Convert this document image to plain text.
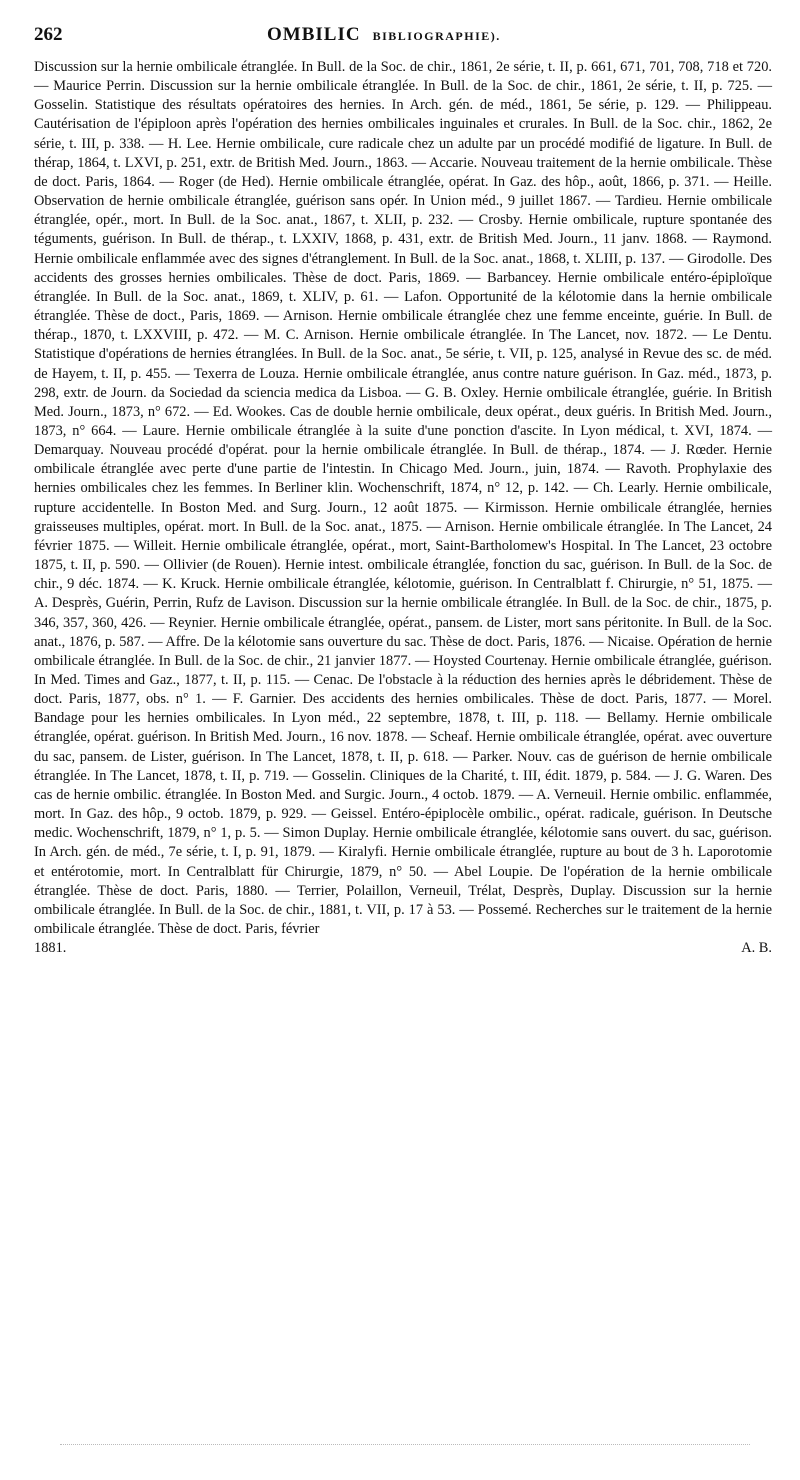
262	OMBILIC BIBLIOGRAPHIE).

Discussion sur la hernie ombilicale étranglée. In Bull. de la Soc. de chir., 1861, 2e série, t. II, p. 661, 671, 701, 708, 718 et 720. — Maurice Perrin. Discussion sur la hernie ombilicale étranglée. In Bull. de la Soc. de chir., 1861, 2e série, t. II, p. 725. — Gosselin. Statistique des résultats opératoires des hernies. In Arch. gén. de méd., 1861, 5e série, p. 129. — Philippeau. Cautérisation de l'épiploon après l'opération des hernies ombilicales inguinales et crurales. In Bull. de la Soc. chir., 1862, 2e série, t. III, p. 338. — H. Lee. Hernie ombilicale, cure radicale chez un adulte par un procédé modifié de ligature. In Bull. de thérap, 1864, t. LXVI, p. 251, extr. de British Med. Journ., 1863. — Accarie. Nouveau traitement de la hernie ombilicale. Thèse de doct. Paris, 1864. — Roger (de Hed). Hernie ombilicale étranglée, opérat. In Gaz. des hôp., août, 1866, p. 371. — Heille. Observation de hernie ombilicale étranglée, guérison sans opér. In Union méd., 9 juillet 1867. — Tardieu. Hernie ombilicale étranglée, opér., mort. In Bull. de la Soc. anat., 1867, t. XLII, p. 232. — Crosby. Hernie ombilicale, rupture spontanée des téguments, guérison. In Bull. de thérap., t. LXXIV, 1868, p. 431, extr. de British Med. Journ., 11 janv. 1868. — Raymond. Hernie ombilicale enflammée avec des signes d'étranglement. In Bull. de la Soc. anat., 1868, t. XLIII, p. 137. — Girodolle. Des accidents des grosses hernies ombilicales. Thèse de doct. Paris, 1869. — Barbancey. Hernie ombilicale entéro-épiploïque étranglée. In Bull. de la Soc. anat., 1869, t. XLIV, p. 61. — Lafon. Opportunité de la kélotomie dans la hernie ombilicale étranglée. Thèse de doct., Paris, 1869. — Arnison. Hernie ombilicale étranglée chez une femme enceinte, guérie. In Bull. de thérap., 1870, t. LXXVIII, p. 472. — M. C. Arnison. Hernie ombilicale étranglée. In The Lancet, nov. 1872. — Le Dentu. Statistique d'opérations de hernies étranglées. In Bull. de la Soc. anat., 5e série, t. VII, p. 125, analysé in Revue des sc. de méd. de Hayem, t. II, p. 455. — Texerra de Louza. Hernie ombilicale étranglée, anus contre nature guérison. In Gaz. méd., 1873, p. 298, extr. de Journ. da Sociedad da sciencia medica da Lisboa. — G. B. Oxley. Hernie ombilicale étranglée, guérie. In British Med. Journ., 1873, n° 672. — Ed. Wookes. Cas de double hernie ombilicale, deux opérat., deux guéris. In British Med. Journ., 1873, n° 664. — Laure. Hernie ombilicale étranglée à la suite d'une ponction d'ascite. In Lyon médical, t. XVI, 1874. — Demarquay. Nouveau procédé d'opérat. pour la hernie ombilicale étranglée. In Bull. de thérap., 1874. — J. Rœder. Hernie ombilicale étranglée avec perte d'une partie de l'intestin. In Chicago Med. Journ., juin, 1874. — Ravoth. Prophylaxie des hernies ombilicales chez les femmes. In Berliner klin. Wochenschrift, 1874, n° 12, p. 142. — Ch. Learly. Hernie ombilicale, rupture accidentelle. In Boston Med. and Surg. Journ., 12 août 1875. — Kirmisson. Hernie ombilicale étranglée, hernies graisseuses multiples, opérat. mort. In Bull. de la Soc. anat., 1875. — Arnison. Hernie ombilicale étranglée. In The Lancet, 24 février 1875. — Willeit. Hernie ombilicale étranglée, opérat., mort, Saint-Bartholomew's Hospital. In The Lancet, 23 octobre 1875, t. II, p. 590. — Ollivier (de Rouen). Hernie intest. ombilicale étranglée, fonction du sac, guérison. In Bull. de la Soc. de chir., 9 déc. 1874. — K. Kruck. Hernie ombilicale étranglée, kélotomie, guérison. In Centralblatt f. Chirurgie, n° 51, 1875. — A. Desprès, Guérin, Perrin, Rufz de Lavison. Discussion sur la hernie ombilicale étranglée. In Bull. de la Soc. de chir., 1875, p. 346, 357, 360, 426. — Reynier. Hernie ombilicale étranglée, opérat., pansem. de Lister, mort sans péritonite. In Bull. de la Soc. anat., 1876, p. 587. — Affre. De la kélotomie sans ouverture du sac. Thèse de doct. Paris, 1876. — Nicaise. Opération de hernie ombilicale étranglée. In Bull. de la Soc. de chir., 21 janvier 1877. — Hoysted Courtenay. Hernie ombilicale étranglée, guérison. In Med. Times and Gaz., 1877, t. II, p. 115. — Cenac. De l'obstacle à la réduction des hernies après le débridement. Thèse de doct. Paris, 1877, obs. n° 1. — F. Garnier. Des accidents des hernies ombilicales. Thèse de doct. Paris, 1877. — Morel. Bandage pour les hernies ombilicales. In Lyon méd., 22 septembre, 1878, t. III, p. 118. — Bellamy. Hernie ombilicale étranglée, opérat. guérison. In British Med. Journ., 16 nov. 1878. — Scheaf. Hernie ombilicale étranglée, opérat. avec ouverture du sac, pansem. de Lister, guérison. In The Lancet, 1878, t. II, p. 618. — Parker. Nouv. cas de guérison de hernie ombilicale étranglée. In The Lancet, 1878, t. II, p. 719. — Gosselin. Cliniques de la Charité, t. III, édit. 1879, p. 584. — J. G. Waren. Des cas de hernie ombilic. étranglée. In Boston Med. and Surgic. Journ., 4 octob. 1879. — A. Verneuil. Hernie ombilic. enflammée, mort. In Gaz. des hôp., 9 octob. 1879, p. 929. — Geissel. Entéro-épiplocèle ombilic., opérat. radicale, guérison. In Deutsche medic. Wochenschrift, 1879, n° 1, p. 5. — Simon Duplay. Hernie ombilicale étranglée, kélotomie sans ouvert. du sac, guérison. In Arch. gén. de méd., 7e série, t. I, p. 91, 1879. — Kiralyfi. Hernie ombilicale étranglée, rupture au bout de 3 h. Laporotomie et entérotomie, mort. In Centralblatt für Chirurgie, 1879, n° 50. — Abel Loupie. De l'opération de la hernie ombilicale étranglée. Thèse de doct. Paris, 1880. — Terrier, Polaillon, Verneuil, Trélat, Desprès, Duplay. Discussion sur la hernie ombilicale étranglée. In Bull. de la Soc. de chir., 1881, t. VII, p. 17 à 53. — Possemé. Recherches sur le traitement de la hernie ombilicale étranglée. Thèse de doct. Paris, février

1881.	A. B.
